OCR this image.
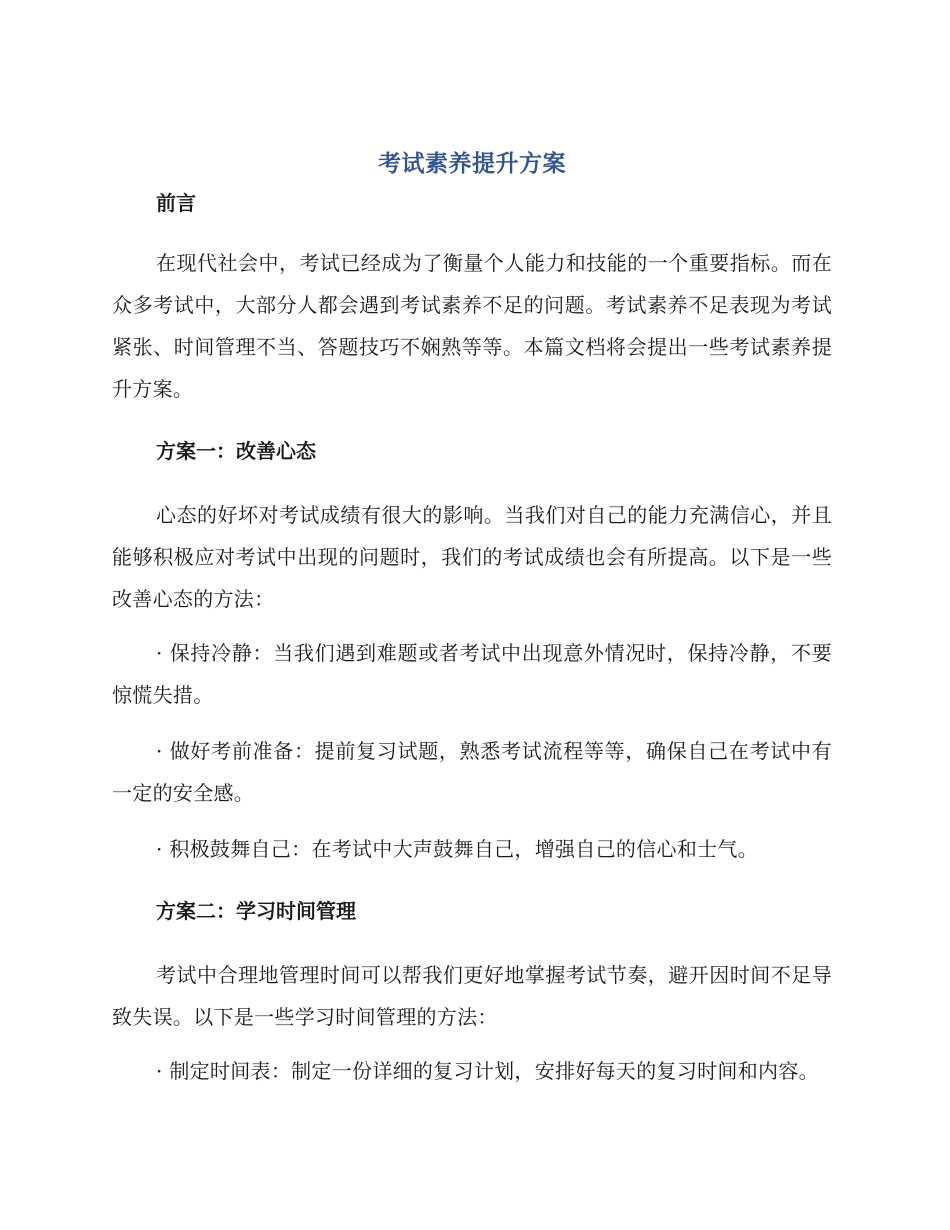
考试素养提升方案
前言

在现代社会中，考试已经成为了衡量个人能力和技能的一个重要指标。而在众多考试中，大部分人都会遇到考试素养不足的问题。考试素养不足表现为考试紧张、时间管理不当、答题技巧不娴熟等等。本篇文档将会提出一些考试素养提升方案。

方案一：改善心态

心态的好坏对考试成绩有很大的影响。当我们对自己的能力充满信心，并且能够积极应对考试中出现的问题时，我们的考试成绩也会有所提高。以下是一些改善心态的方法：

· 保持冷静：当我们遇到难题或者考试中出现意外情况时，保持冷静，不要惊慌失措。

· 做好考前准备：提前复习试题，熟悉考试流程等等，确保自己在考试中有一定的安全感。

· 积极鼓舞自己：在考试中大声鼓舞自己，增强自己的信心和士气。

方案二：学习时间管理

考试中合理地管理时间可以帮我们更好地掌握考试节奏，避开因时间不足导致失误。以下是一些学习时间管理的方法：

· 制定时间表：制定一份详细的复习计划，安排好每天的复习时间和内容。
